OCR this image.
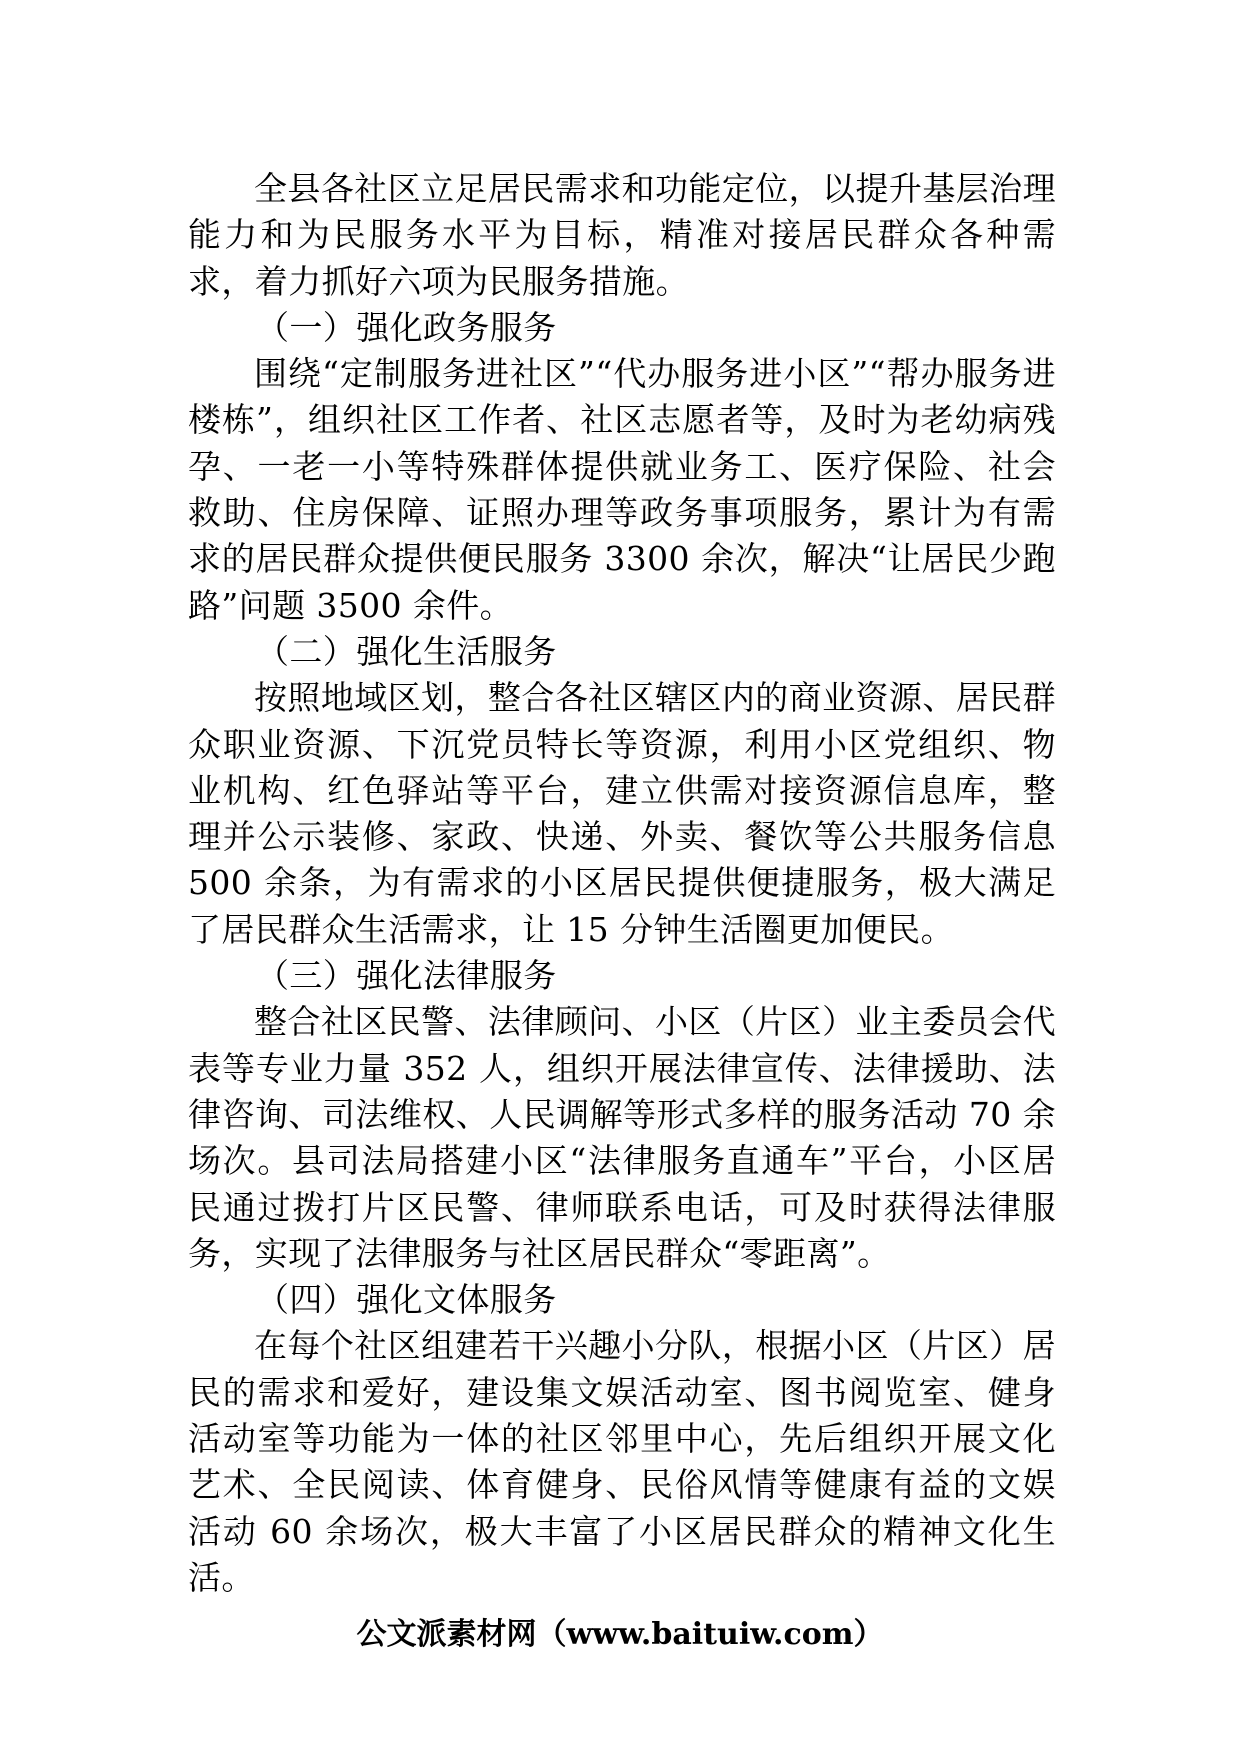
全县各社区立足居民需求和功能定位，以提升基层治理能力和为民服务水平为目标，精准对接居民群众各种需求，着力抓好六项为民服务措施。

（一）强化政务服务

围绕“定制服务进社区”“代办服务进小区”“帮办服务进楼栋”，组织社区工作者、社区志愿者等，及时为老幼病残孕、一老一小等特殊群体提供就业务工、医疗保险、社会救助、住房保障、证照办理等政务事项服务，累计为有需求的居民群众提供便民服务 3300 余次，解决“让居民少跑路”问题 3500 余件。

（二）强化生活服务

按照地域区划，整合各社区辖区内的商业资源、居民群众职业资源、下沉党员特长等资源，利用小区党组织、物业机构、红色驿站等平台，建立供需对接资源信息库，整理并公示装修、家政、快递、外卖、餐饮等公共服务信息 500 余条，为有需求的小区居民提供便捷服务，极大满足了居民群众生活需求，让 15 分钟生活圈更加便民。

（三）强化法律服务

整合社区民警、法律顾问、小区（片区）业主委员会代表等专业力量 352 人，组织开展法律宣传、法律援助、法律咨询、司法维权、人民调解等形式多样的服务活动 70 余场次。县司法局搭建小区“法律服务直通车”平台，小区居民通过拨打片区民警、律师联系电话，可及时获得法律服务，实现了法律服务与社区居民群众“零距离”。

（四）强化文体服务

在每个社区组建若干兴趣小分队，根据小区（片区）居民的需求和爱好，建设集文娱活动室、图书阅览室、健身活动室等功能为一体的社区邻里中心，先后组织开展文化艺术、全民阅读、体育健身、民俗风情等健康有益的文娱活动 60 余场次，极大丰富了小区居民群众的精神文化生活。

公文派素材网（www.baituiw.com）
